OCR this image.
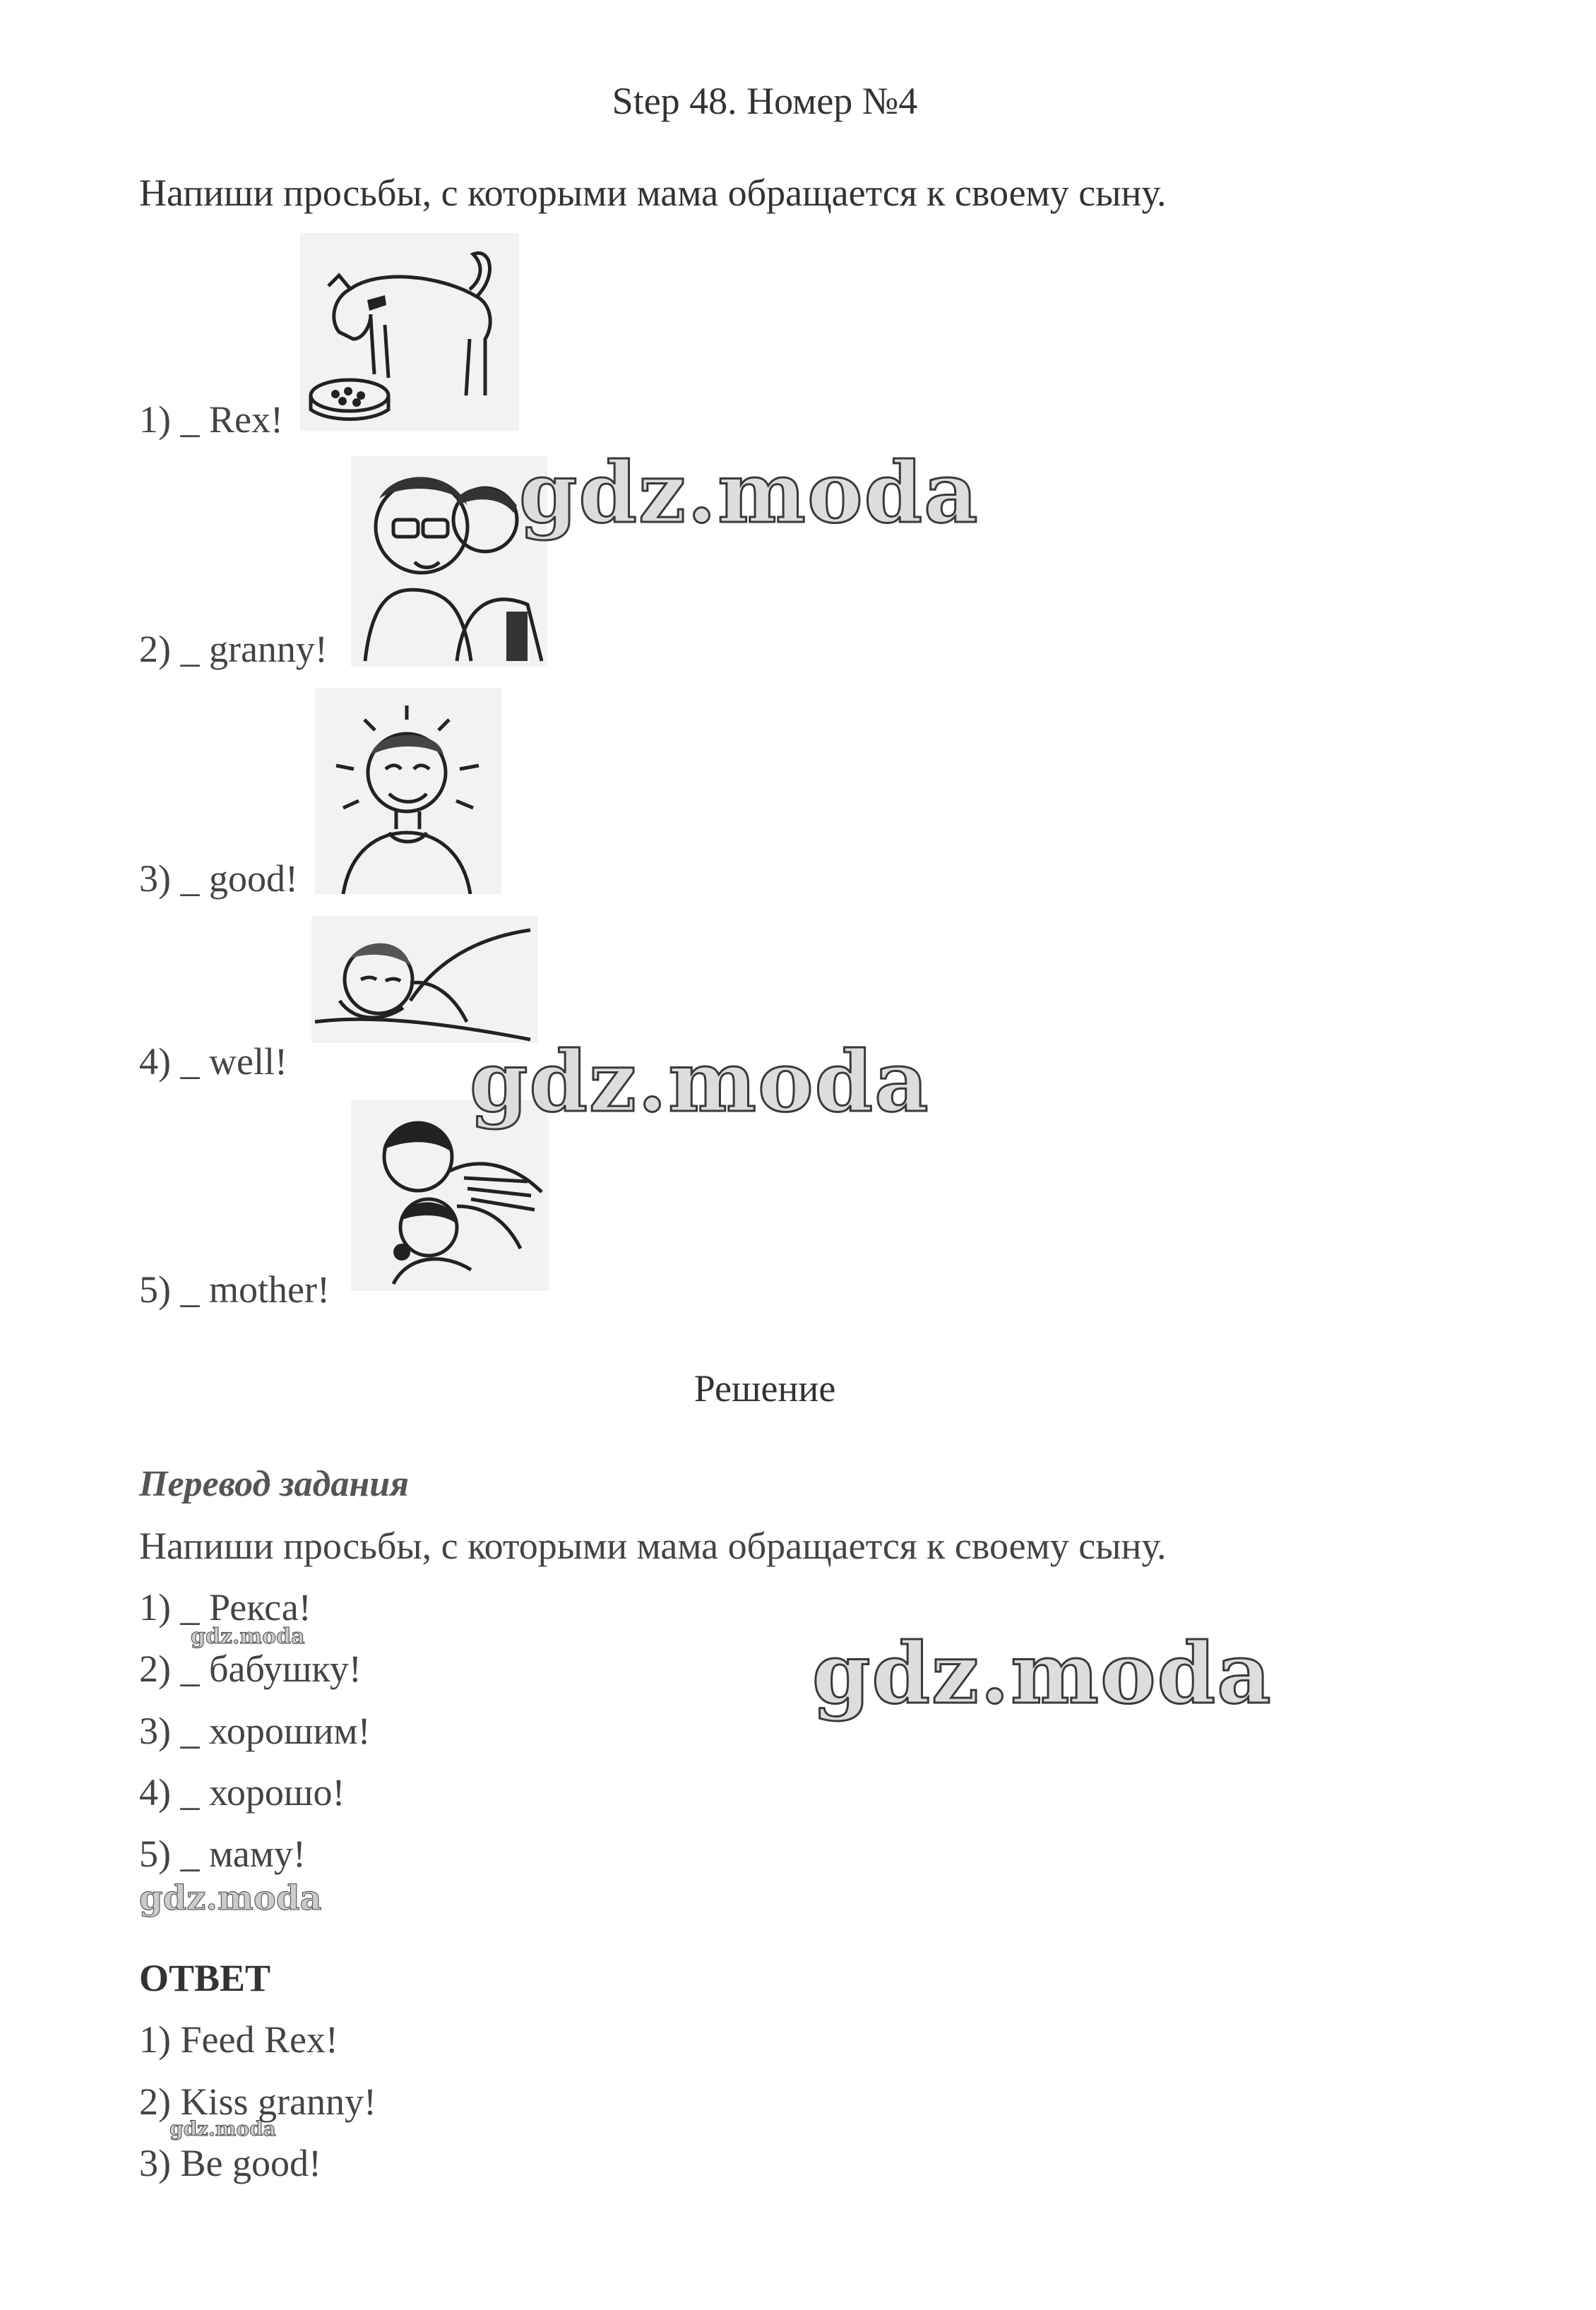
Step 48. Номер №4
Напиши просьбы, с которыми мама обращается к своему сыну.
1) _ Rex!
2) _ granny!
3) _ good!
4) _ well!
5) _ mother!
Решение
Перевод задания
Напиши просьбы, с которыми мама обращается к своему сыну.
1) _ Рекса!
2) _ бабушку!
3) _ хорошим!
4) _ хорошо!
5) _ маму!
ОТВЕТ
1) Feed Rex!
2) Kiss granny!
3) Be good!
gdz.moda
gdz.moda
gdz.moda
gdz.moda
gdz.moda
gdz.moda
